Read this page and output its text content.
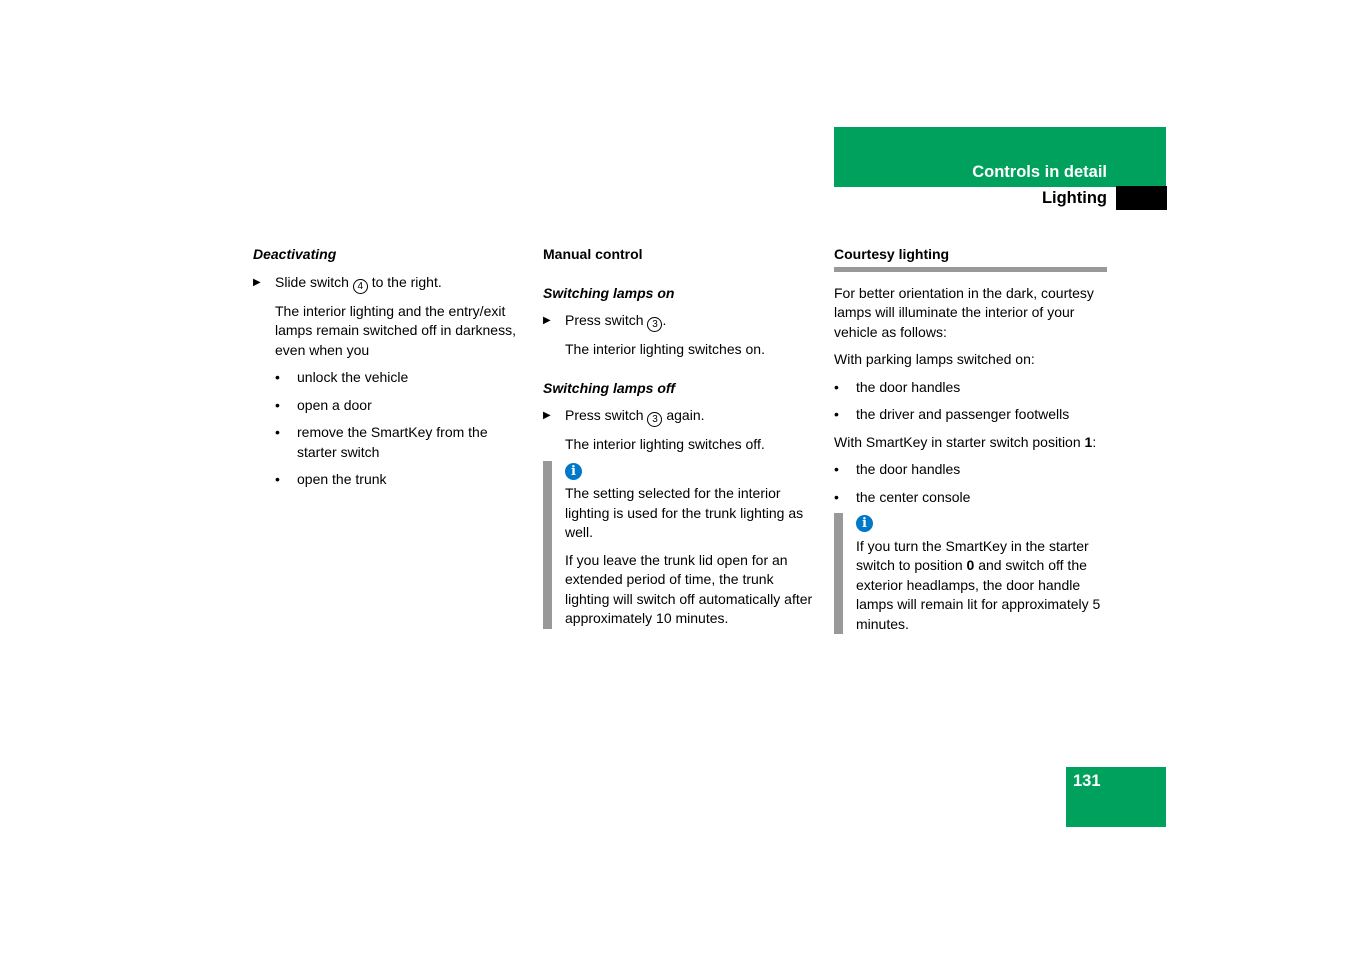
Controls in detail
Lighting

Deactivating

▶ Slide switch 4 to the right.

The interior lighting and the entry/exit lamps remain switched off in darkness, even when you

• unlock the vehicle

• open a door

• remove the SmartKey from the starter switch

• open the trunk

Manual control

Switching lamps on

▶ Press switch 3 .

The interior lighting switches on.

Switching lamps off

▶ Press switch 3 again.

The interior lighting switches off.

i

The setting selected for the interior lighting is used for the trunk lighting as well.

If you leave the trunk lid open for an extended period of time, the trunk lighting will switch off automatically after approximately 10 minutes.

Courtesy lighting

For better orientation in the dark, courtesy lamps will illuminate the interior of your vehicle as follows:

With parking lamps switched on:

• the door handles

• the driver and passenger footwells

With SmartKey in starter switch position 1:

• the door handles

• the center console

i

If you turn the SmartKey in the starter switch to position 0 and switch off the exterior headlamps, the door handle lamps will remain lit for approximately 5 minutes.

131
